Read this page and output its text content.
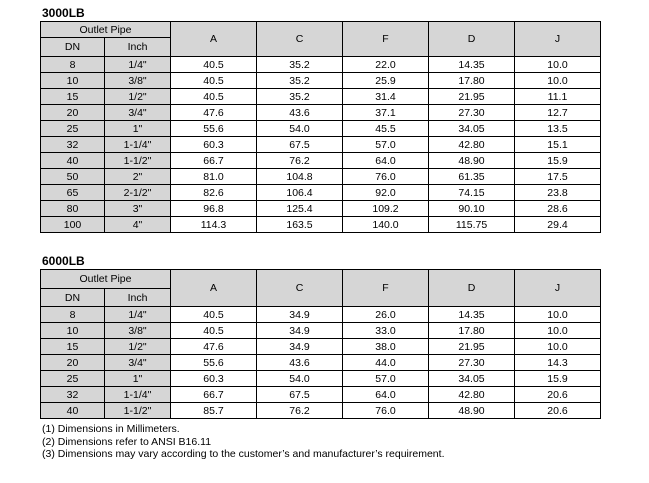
3000LB
Outlet Pipe		A	C	F	D	J
DN	Inch					
8	1/4"	40.5	35.2	22.0	14.35	10.0
10	3/8"	40.5	35.2	25.9	17.80	10.0
15	1/2"	40.5	35.2	31.4	21.95	11.1
20	3/4"	47.6	43.6	37.1	27.30	12.7
25	1"	55.6	54.0	45.5	34.05	13.5
32	1-1/4"	60.3	67.5	57.0	42.80	15.1
40	1-1/2"	66.7	76.2	64.0	48.90	15.9
50	2"	81.0	104.8	76.0	61.35	17.5
65	2-1/2"	82.6	106.4	92.0	74.15	23.8
80	3"	96.8	125.4	109.2	90.10	28.6
100	4"	114.3	163.5	140.0	115.75	29.4
6000LB
Outlet Pipe		A	C	F	D	J
DN	Inch					
8	1/4"	40.5	34.9	26.0	14.35	10.0
10	3/8"	40.5	34.9	33.0	17.80	10.0
15	1/2"	47.6	34.9	38.0	21.95	10.0
20	3/4"	55.6	43.6	44.0	27.30	14.3
25	1"	60.3	54.0	57.0	34.05	15.9
32	1-1/4"	66.7	67.5	64.0	42.80	20.6
40	1-1/2"	85.7	76.2	76.0	48.90	20.6
(1) Dimensions in Millimeters.
(2) Dimensions refer to ANSI B16.11
(3) Dimensions may vary according to the customer’s and manufacturer’s requirement.
